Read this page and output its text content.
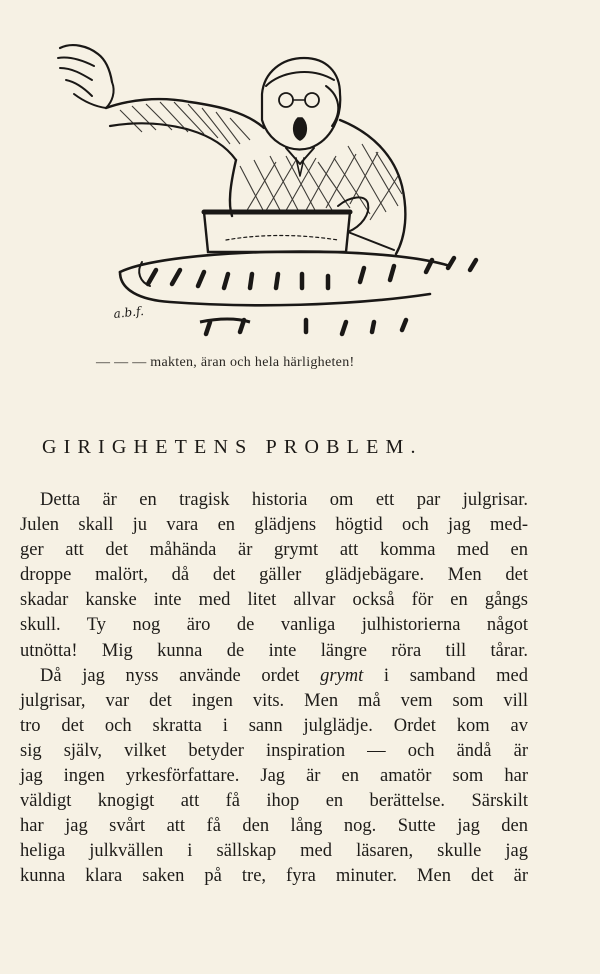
a.b.f.
— — — makten, äran och hela härligheten!
GIRIGHETENS PROBLEM.
Detta är en tragisk historia om ett par julgrisar.
Julen skall ju vara en glädjens högtid och jag med-
ger att det måhända är grymt att komma med en
droppe malört, då det gäller glädjebägare. Men det
skadar kanske inte med litet allvar också för en gångs
skull. Ty nog äro de vanliga julhistorierna något
utnötta! Mig kunna de inte längre röra till tårar.
Då jag nyss använde ordet grymt i samband med
julgrisar, var det ingen vits. Men må vem som vill
tro det och skratta i sann julglädje. Ordet kom av
sig själv, vilket betyder inspiration — och ändå är
jag ingen yrkesförfattare. Jag är en amatör som har
väldigt knogigt att få ihop en berättelse. Särskilt
har jag svårt att få den lång nog. Sutte jag den
heliga julkvällen i sällskap med läsaren, skulle jag
kunna klara saken på tre, fyra minuter. Men det är
